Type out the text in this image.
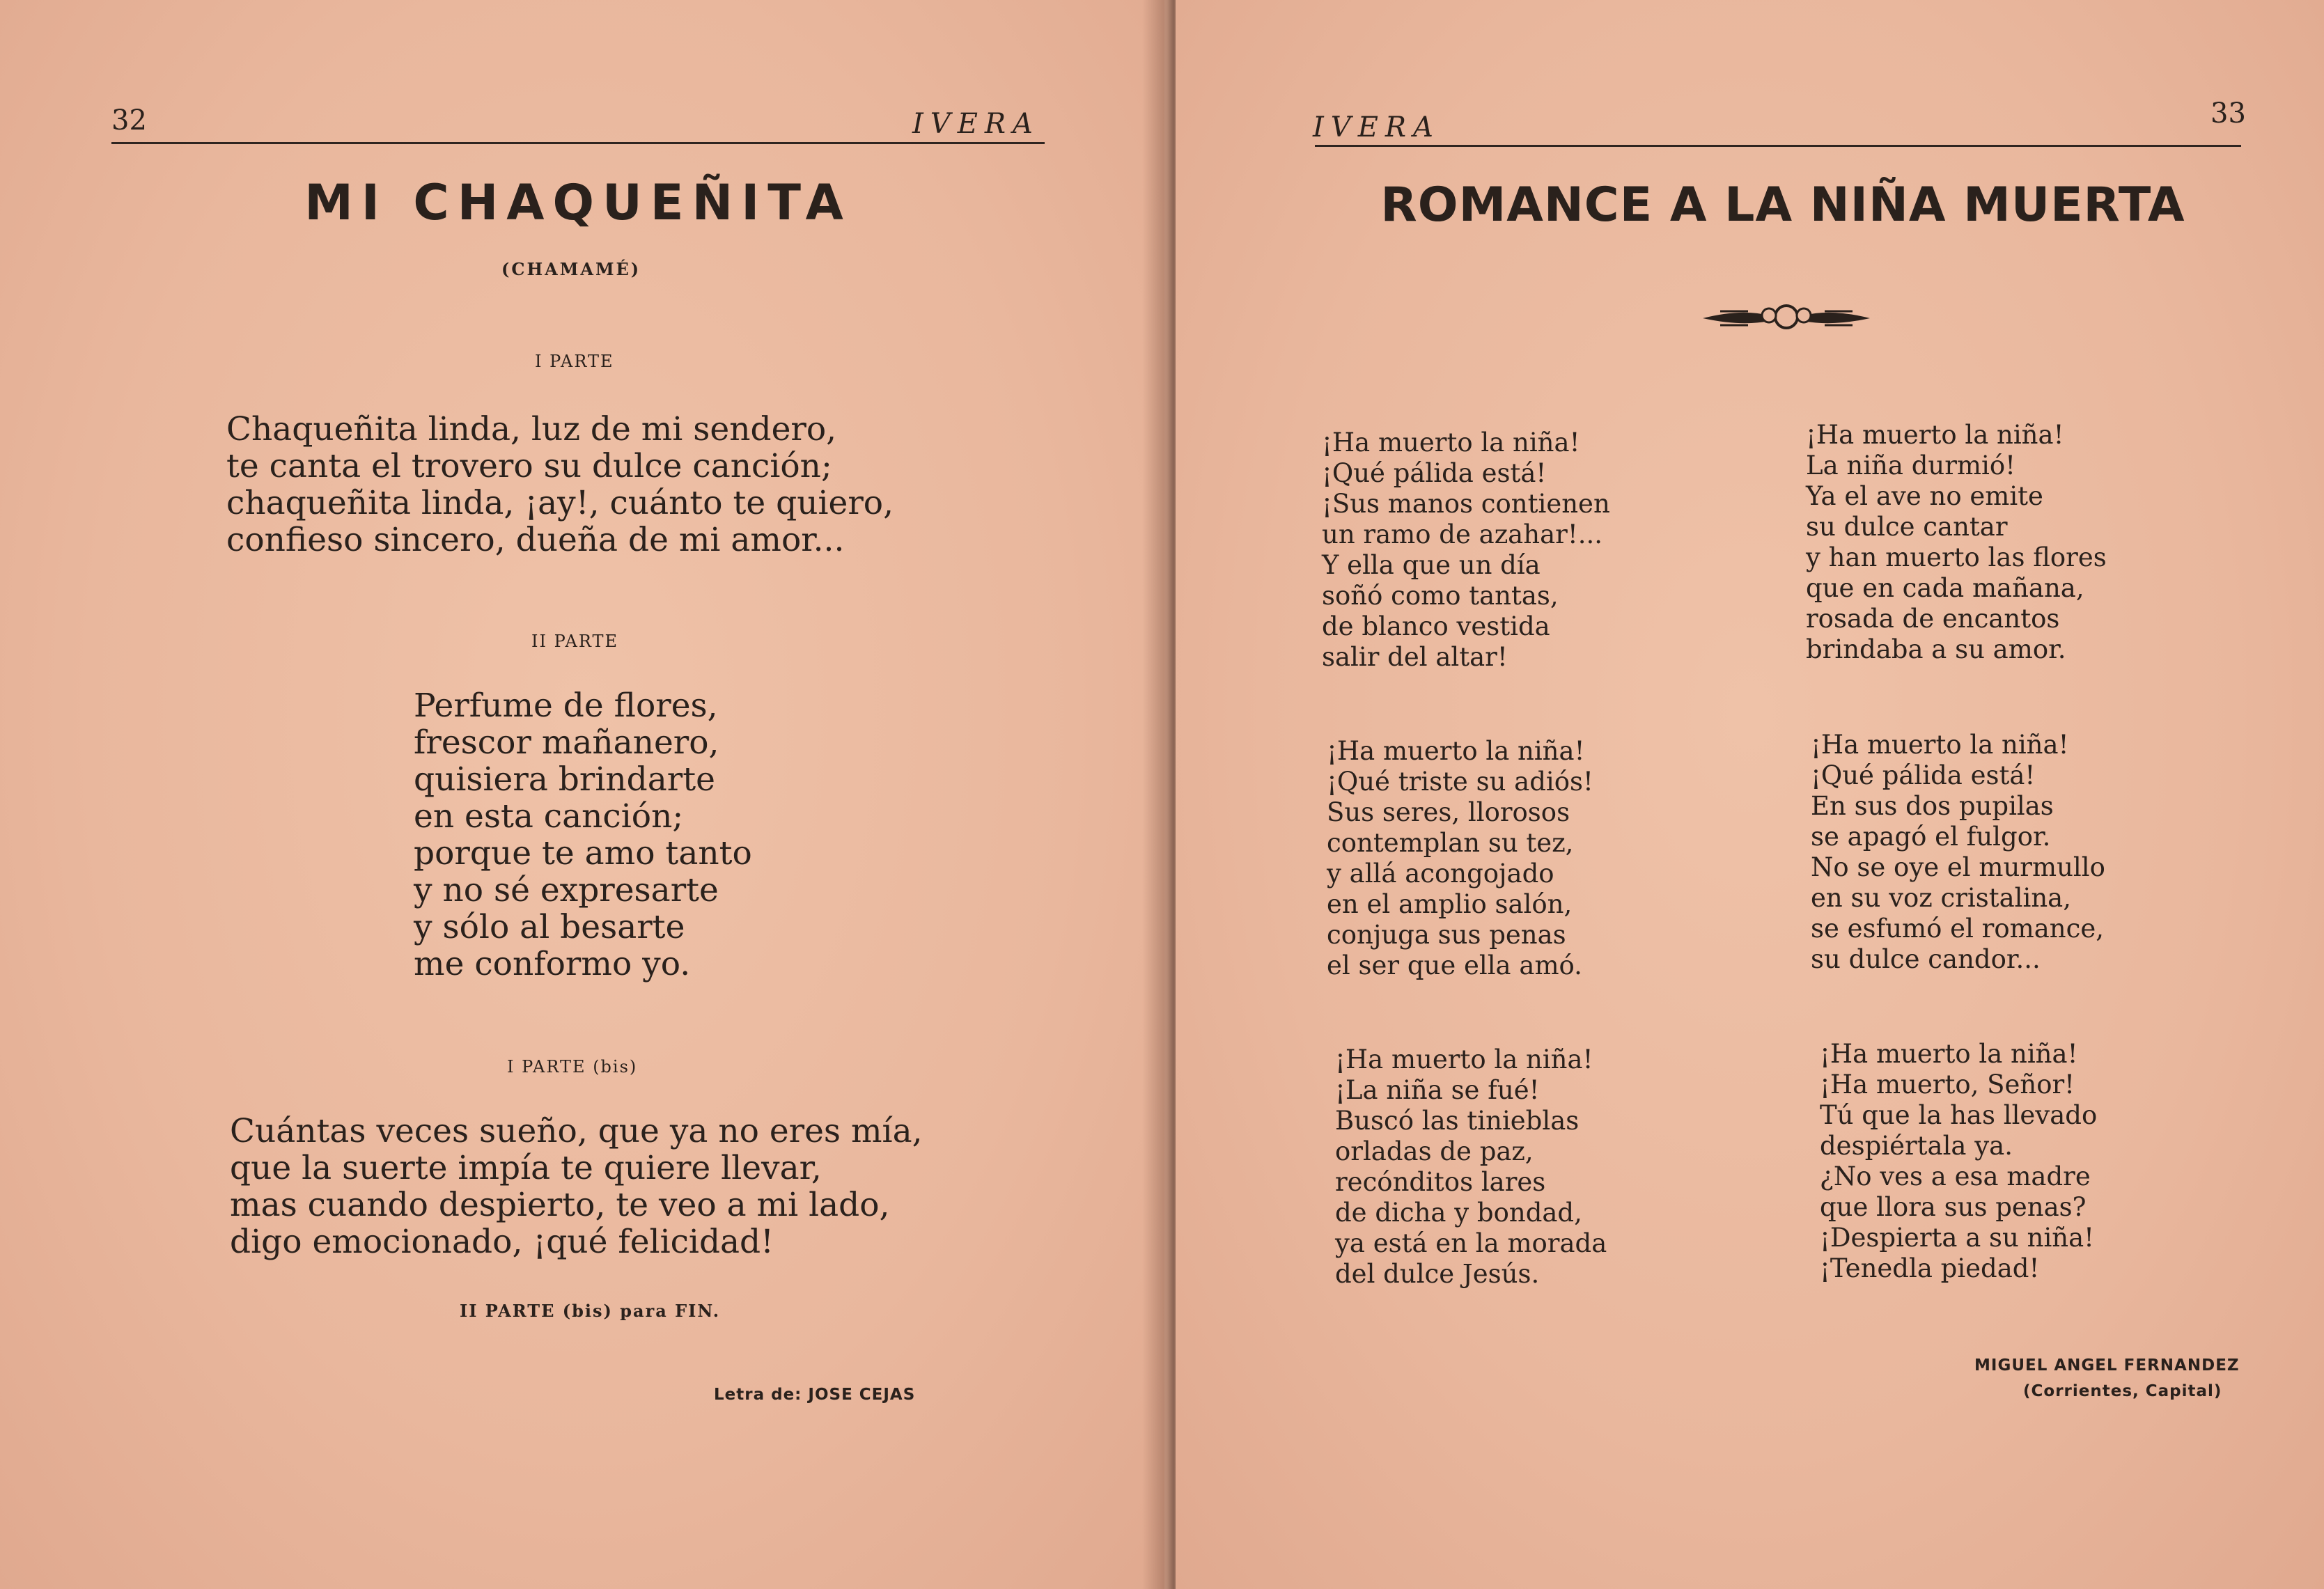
32	IVERA
MI CHAQUEÑITA
(CHAMAMÉ)
I PARTE
Chaqueñita linda, luz de mi sendero,
te canta el trovero su dulce canción;
chaqueñita linda, ¡ay!, cuánto te quiero,
confieso sincero, dueña de mi amor...
II PARTE
Perfume de flores,
frescor mañanero,
quisiera brindarte
en esta canción;
porque te amo tanto
y no sé expresarte
y sólo al besarte
me conformo yo.
I PARTE (bis)
Cuántas veces sueño, que ya no eres mía,
que la suerte impía te quiere llevar,
mas cuando despierto, te veo a mi lado,
digo emocionado, ¡qué felicidad!
II PARTE (bis) para FIN.
Letra de: JOSE CEJAS
IVERA	33
ROMANCE A LA NIÑA MUERTA
¡Ha muerto la niña!
¡Qué pálida está!
¡Sus manos contienen
un ramo de azahar!...
Y ella que un día
soñó como tantas,
de blanco vestida
salir del altar!
¡Ha muerto la niña!
La niña durmió!
Ya el ave no emite
su dulce cantar
y han muerto las flores
que en cada mañana,
rosada de encantos
brindaba a su amor.
¡Ha muerto la niña!
¡Qué triste su adiós!
Sus seres, llorosos
contemplan su tez,
y allá acongojado
en el amplio salón,
conjuga sus penas
el ser que ella amó.
¡Ha muerto la niña!
¡Qué pálida está!
En sus dos pupilas
se apagó el fulgor.
No se oye el murmullo
en su voz cristalina,
se esfumó el romance,
su dulce candor...
¡Ha muerto la niña!
¡La niña se fué!
Buscó las tinieblas
orladas de paz,
recónditos lares
de dicha y bondad,
ya está en la morada
del dulce Jesús.
¡Ha muerto la niña!
¡Ha muerto, Señor!
Tú que la has llevado
despiértala ya.
¿No ves a esa madre
que llora sus penas?
¡Despierta a su niña!
¡Tenedla piedad!
MIGUEL ANGEL FERNANDEZ
(Corrientes, Capital)
